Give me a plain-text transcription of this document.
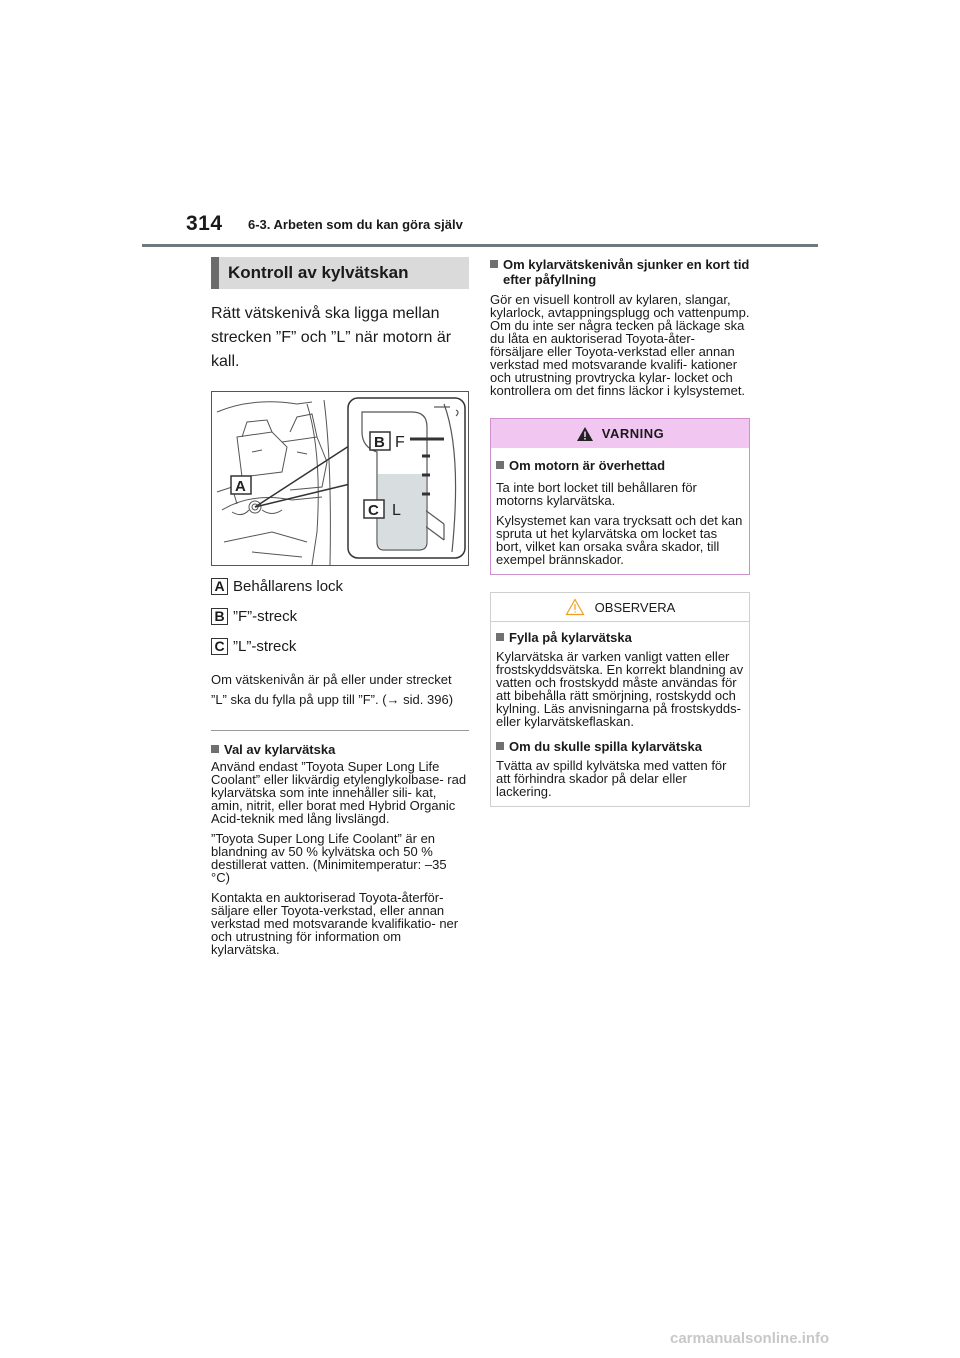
314 6-3. Arbeten som du kan göra själv
Kontroll av kylvätskan

Rätt vätskenivå ska ligga mellan strecken ”F” och ”L” när motorn är kall.

B F
A
C L
A Behållarens lock
B ”F”-streck
C ”L”-streck

Om vätskenivån är på eller under strecket ”L” ska du fylla på upp till ”F”. (→ sid. 396)

Val av kylarvätska

Använd endast ”Toyota Super Long Life Coolant” eller likvärdig etylenglykolbase- rad kylarvätska som inte innehåller sili- kat, amin, nitrit, eller borat med Hybrid Organic Acid-teknik med lång livslängd.

”Toyota Super Long Life Coolant” är en blandning av 50 % kylvätska och 50 % destillerat vatten. (Minimitemperatur: –35 °C)

Kontakta en auktoriserad Toyota-återför- säljare eller Toyota-verkstad, eller annan verkstad med motsvarande kvalifikatio- ner och utrustning för information om kylarvätska.

Om kylarvätskenivån sjunker en kort tid efter påfyllning

Gör en visuell kontroll av kylaren, slangar, kylarlock, avtappningsplugg och vattenpump. Om du inte ser några tecken på läckage ska du låta en auktoriserad Toyota-åter- försäljare eller Toyota-verkstad eller annan verkstad med motsvarande kvalifi- kationer och utrustning provtrycka kylar- locket och kontrollera om det finns läckor i kylsystemet.

VARNING
Om motorn är överhettad

Ta inte bort locket till behållaren för motorns kylarvätska.

Kylsystemet kan vara trycksatt och det kan spruta ut het kylarvätska om locket tas bort, vilket kan orsaka svåra skador, till exempel brännskador.

OBSERVERA
Fylla på kylarvätska

Kylarvätska är varken vanligt vatten eller frostskyddsvätska. En korrekt blandning av vatten och frostskydd måste användas för att bibehålla rätt smörjning, rostskydd och kylning. Läs anvisningarna på frostskydds- eller kylarvätskeflaskan.

Om du skulle spilla kylarvätska

Tvätta av spilld kylvätska med vatten för att förhindra skador på delar eller lackering.

carmanualsonline.info
